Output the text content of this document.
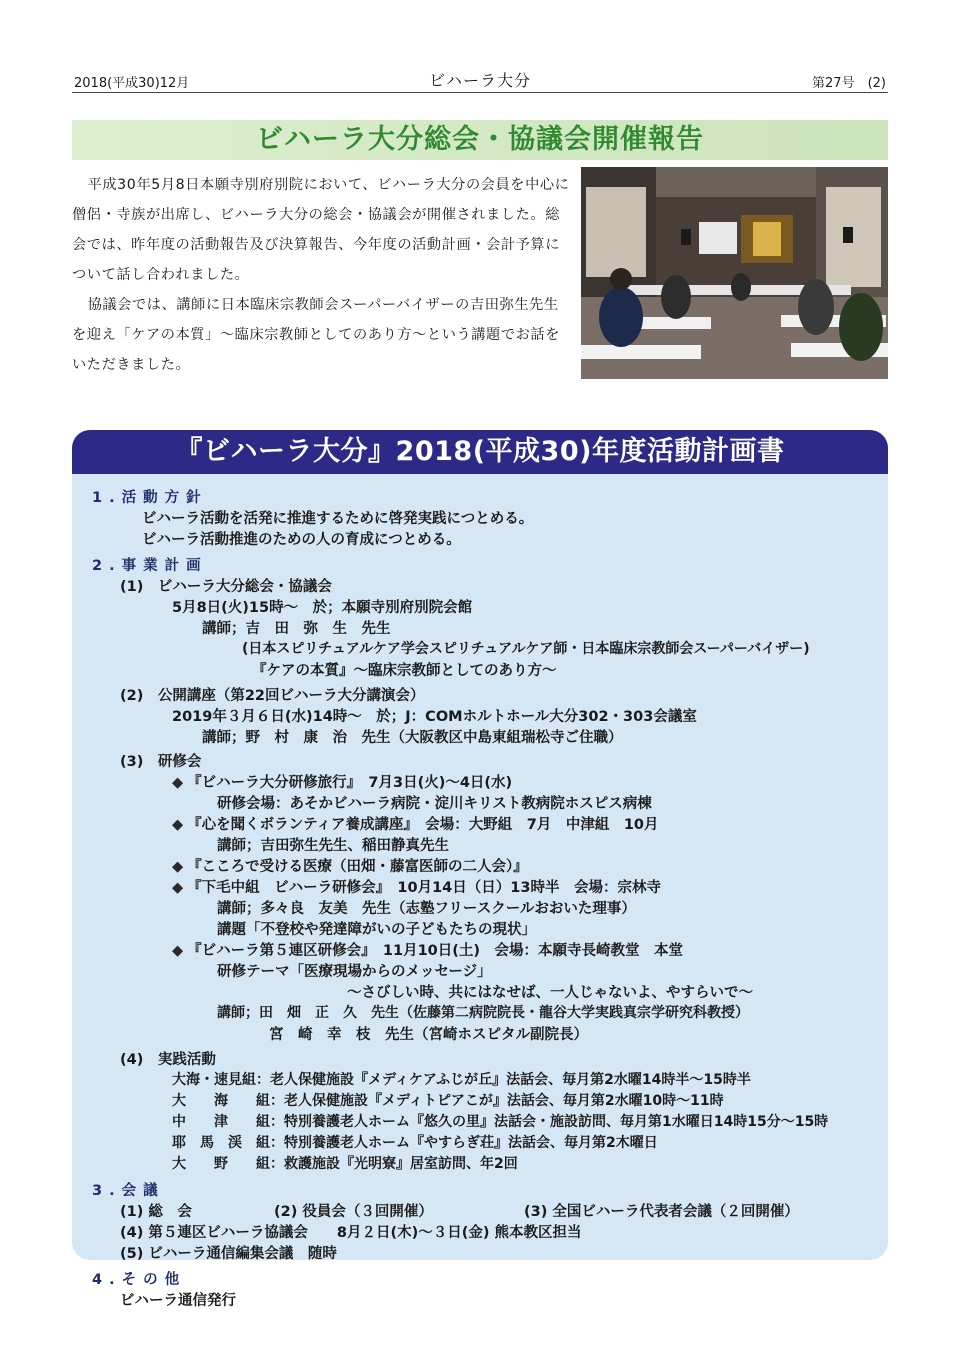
2018(平成30)12月	ビハーラ大分	第27号　(2)
ビハーラ大分総会・協議会開催報告

平成30年5月8日本願寺別府別院において、ビハーラ大分の会員を中心に僧侶・寺族が出席し、ビハーラ大分の総会・協議会が開催されました。総会では、昨年度の活動報告及び決算報告、今年度の活動計画・会計予算について話し合われました。

協議会では、講師に日本臨床宗教師会スーパーバイザーの吉田弥生先生を迎え「ケアの本質」～臨床宗教師としてのあり方～という講題でお話をいただきました。

『ビハーラ大分』2018(平成30)年度活動計画書
1.活動方針
ビハーラ活動を活発に推進するために啓発実践につとめる。
ビハーラ活動推進のための人の育成につとめる。
2.事業計画
(1)　ビハーラ大分総会・協議会
5月8日(火)15時～　於；本願寺別府別院会館
講師；吉　田　弥　生　先生
(日本スピリチュアルケア学会スピリチュアルケア師・日本臨床宗教師会スーパーバイザー)
『ケアの本質』～臨床宗教師としてのあり方～
(2)　公開講座（第22回ビハーラ大分講演会）
2019年３月６日(水)14時～　於；J：COMホルトホール大分302・303会議室
講師；野　村　康　治　先生（大阪教区中島東組瑞松寺ご住職）
(3)　研修会
◆ 『ビハーラ大分研修旅行』　7月3日(火)～4日(水)
研修会場：あそかビハーラ病院・淀川キリスト教病院ホスピス病棟
◆ 『心を聞くボランティア養成講座』　会場：大野組　7月　中津組　10月
講師；吉田弥生先生、稲田静真先生
◆ 『こころで受ける医療（田畑・藤富医師の二人会）』
◆ 『下毛中組　ビハーラ研修会』　10月14日（日）13時半　会場：宗林寺
講師；多々良　友美　先生（志塾フリースクールおおいた理事）
講題「不登校や発達障がいの子どもたちの現状」
◆ 『ビハーラ第５連区研修会』　11月10日(土)　会場：本願寺長崎教堂　本堂
研修テーマ「医療現場からのメッセージ」
～さびしい時、共にはなせば、一人じゃないよ、やすらいで～
講師；田　畑　正　久　先生（佐藤第二病院院長・龍谷大学実践真宗学研究科教授）
宮　崎　幸　枝　先生（宮崎ホスピタル副院長）
(4)　実践活動
大海・速見組：老人保健施設『メディケアふじが丘』法話会、毎月第2水曜14時半～15時半
大　　海　　組：老人保健施設『メディトピアこが』法話会、毎月第2水曜10時～11時
中　　津　　組：特別養護老人ホーム『悠久の里』法話会・施設訪問、毎月第1水曜日14時15分～15時
耶　馬　渓　組：特別養護老人ホーム『やすらぎ荘』法話会、毎月第2木曜日
大　　野　　組：救護施設『光明寮』居室訪問、年2回
3.会議
(1) 総　会	(2) 役員会（３回開催）	(3) 全国ビハーラ代表者会議（２回開催）
(4) 第５連区ビハーラ協議会　　8月２日(木)～３日(金) 熊本教区担当
(5) ビハーラ通信編集会議　随時
4.その他
ビハーラ通信発行
